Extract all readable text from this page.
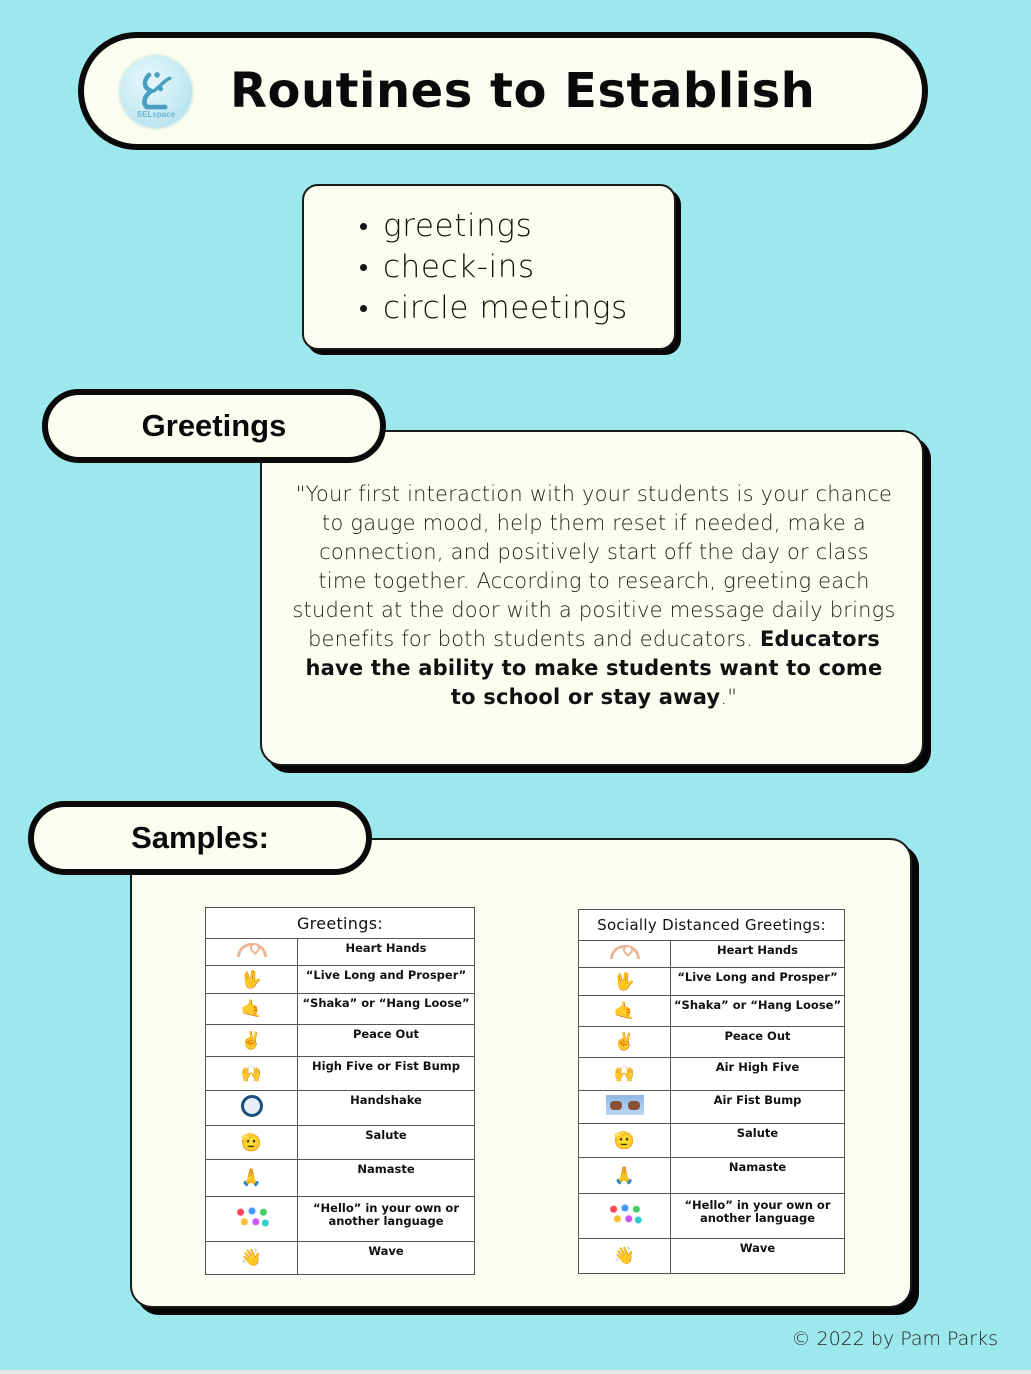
SELspace Routines to Establish
greetings
check-ins
circle meetings

"Your first interaction with your students is your chance to gauge mood, help them reset if needed, make a connection, and positively start off the day or class time together. According to research, greeting each student at the door with a positive message daily brings benefits for both students and educators. Educators have the ability to make students want to come to school or stay away."

Greetings
Samples:
Greetings:	
	Heart Hands
🖖	“Live Long and Prosper”
🤙	“Shaka” or “Hang Loose”
✌	Peace Out
🙌	High Five or Fist Bump
	Handshake
🫡	Salute
🙏	Namaste
	“Hello” in your own or another language
👋	Wave
Socially Distanced Greetings:	
	Heart Hands
🖖	“Live Long and Prosper”
🤙	“Shaka” or “Hang Loose”
✌	Peace Out
🙌	Air High Five
	Air Fist Bump
🫡	Salute
🙏	Namaste
	“Hello” in your own or another language
👋	Wave
© 2022 by Pam Parks
